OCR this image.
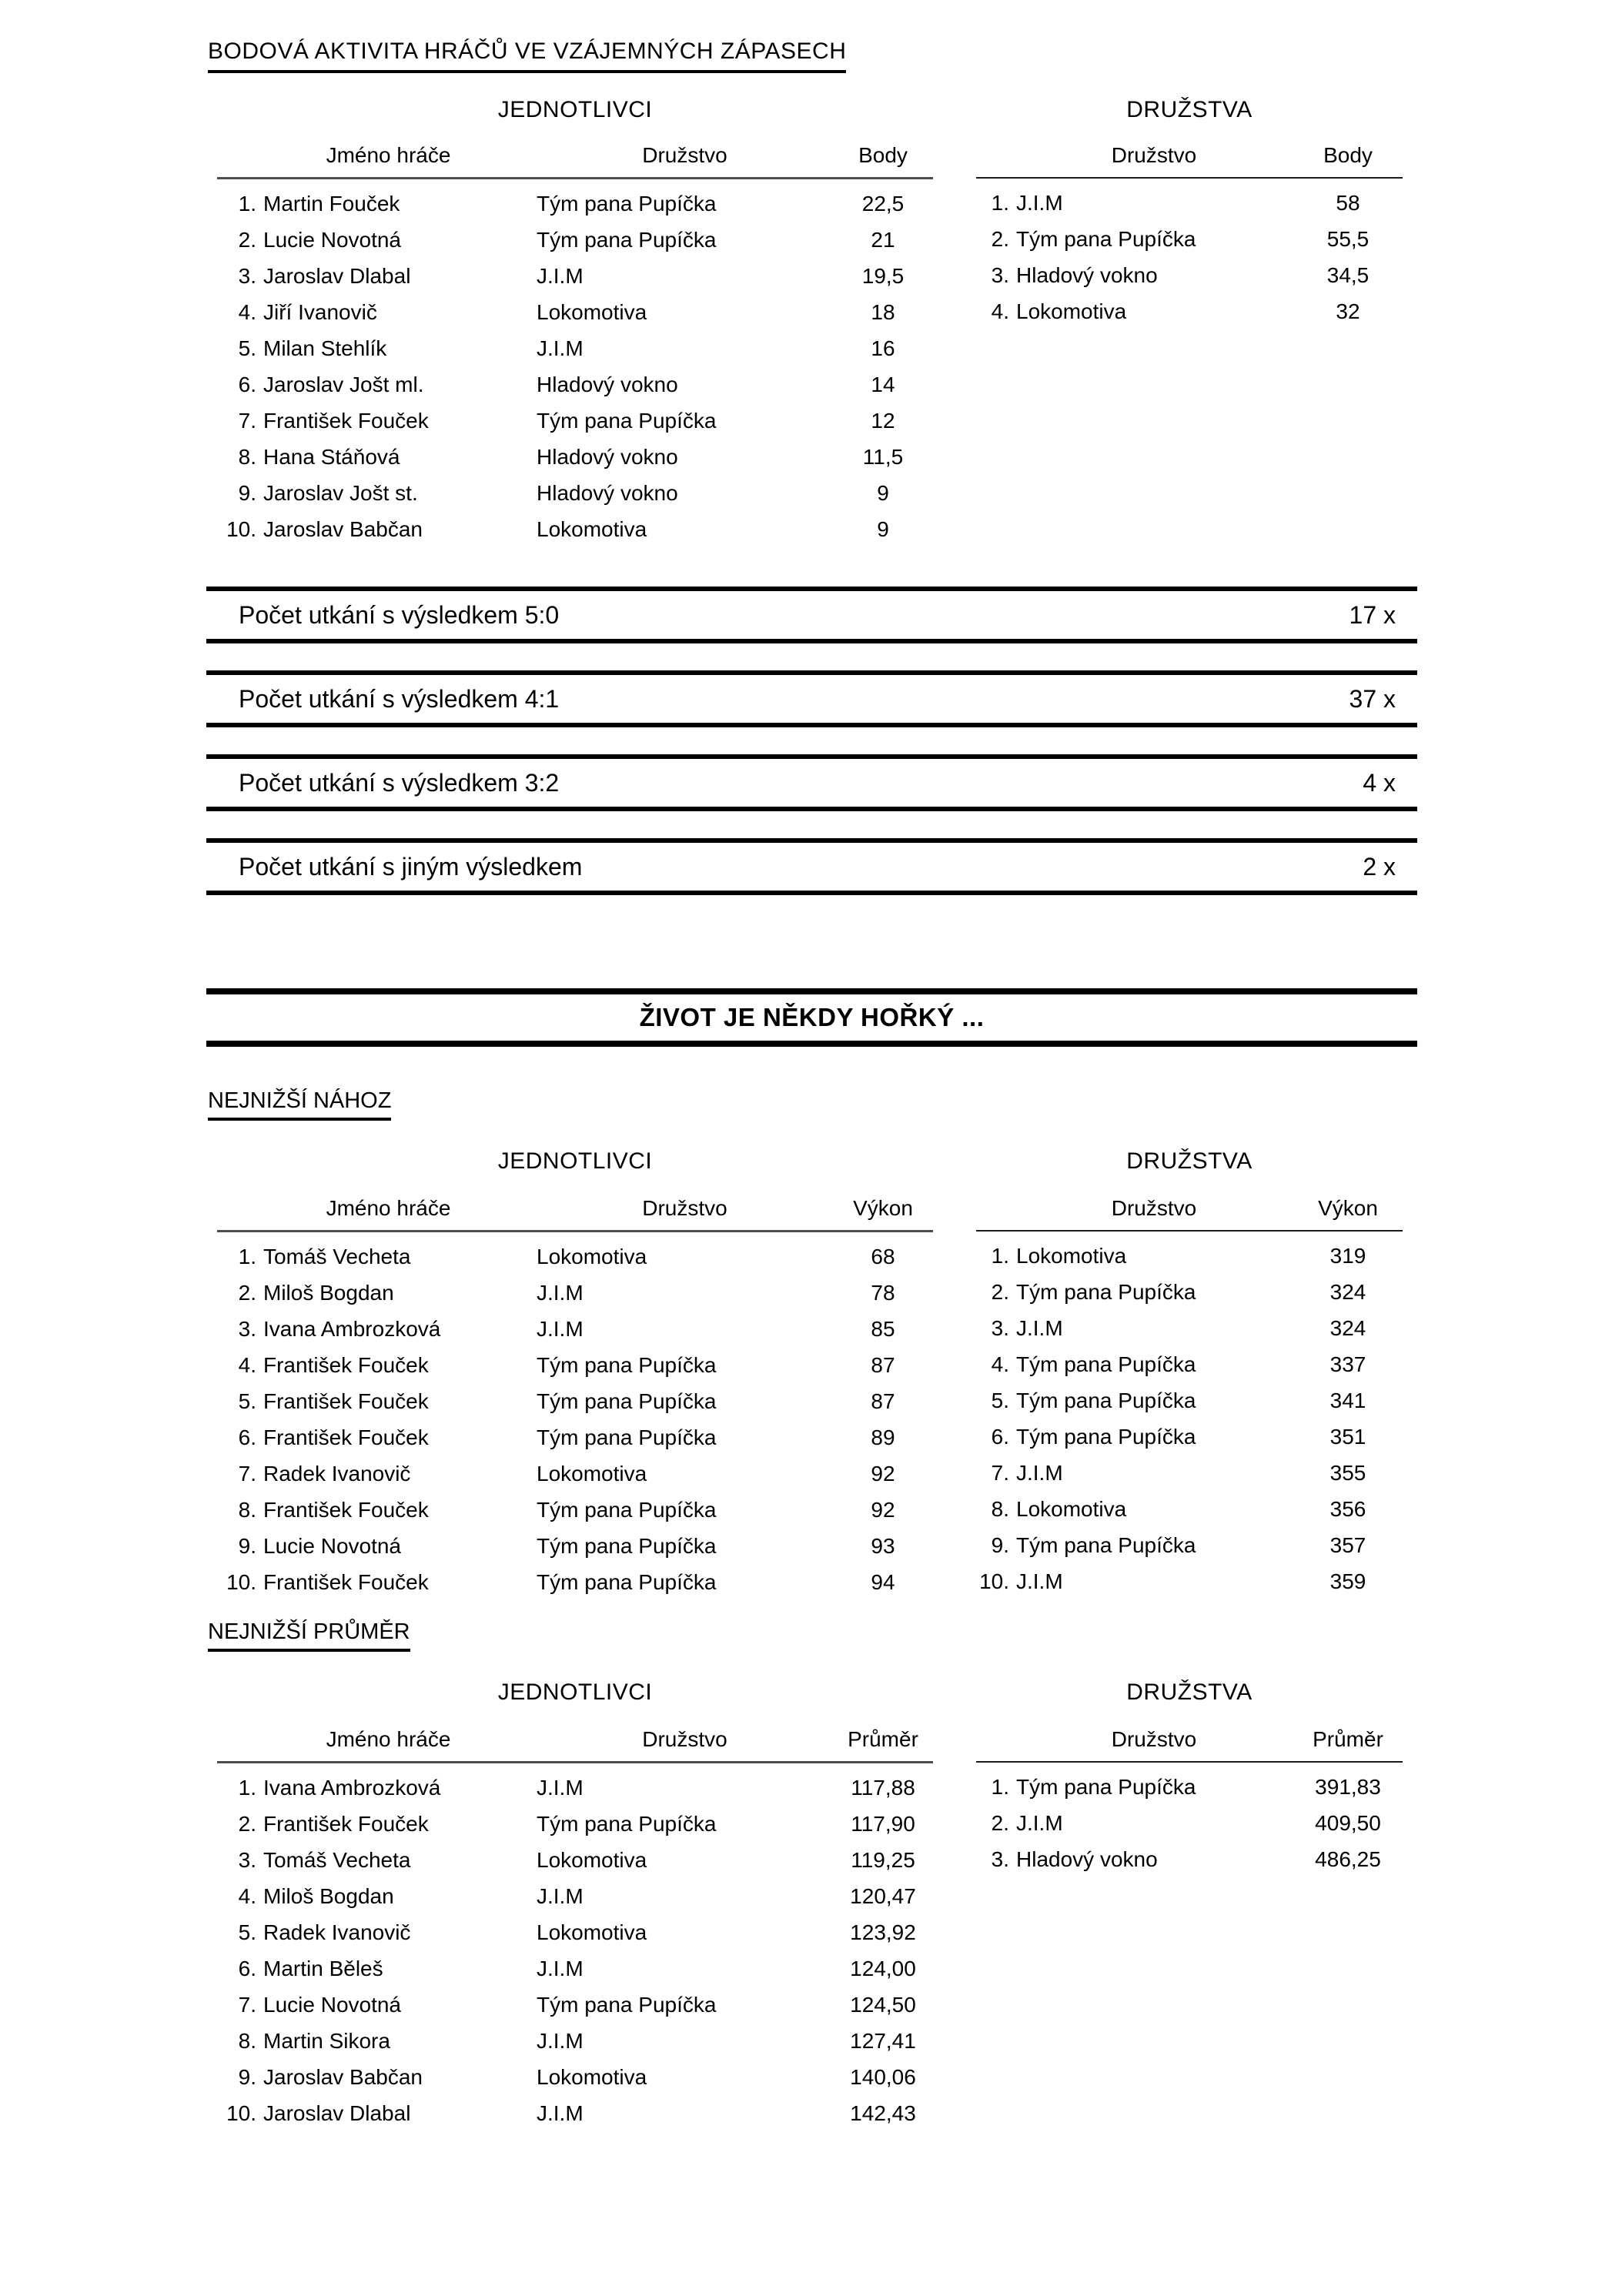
BODOVÁ AKTIVITA HRÁČŮ VE VZÁJEMNÝCH ZÁPASECH
JEDNOTLIVCI	DRUŽSTVA
Jméno hráče	Družstvo	Body
1. Martin Fouček	Tým pana Pupíčka	22,5
2. Lucie Novotná	Tým pana Pupíčka	21
3. Jaroslav Dlabal	J.I.M	19,5
4. Jiří Ivanovič	Lokomotiva	18
5. Milan Stehlík	J.I.M	16
6. Jaroslav Jošt ml.	Hladový vokno	14
7. František Fouček	Tým pana Pupíčka	12
8. Hana Stáňová	Hladový vokno	11,5
9. Jaroslav Jošt st.	Hladový vokno	9
10. Jaroslav Babčan	Lokomotiva	9
Družstvo	Body
1. J.I.M	58
2. Tým pana Pupíčka	55,5
3. Hladový vokno	34,5
4. Lokomotiva	32
Počet utkání s výsledkem 5:0	17 x
Počet utkání s výsledkem 4:1	37 x
Počet utkání s výsledkem 3:2	4 x
Počet utkání s jiným výsledkem	2 x
ŽIVOT JE NĚKDY HOŘKÝ ...
NEJNIŽŠÍ NÁHOZ
JEDNOTLIVCI	DRUŽSTVA
Jméno hráče	Družstvo	Výkon
1. Tomáš Vecheta	Lokomotiva	68
2. Miloš Bogdan	J.I.M	78
3. Ivana Ambrozková	J.I.M	85
4. František Fouček	Tým pana Pupíčka	87
5. František Fouček	Tým pana Pupíčka	87
6. František Fouček	Tým pana Pupíčka	89
7. Radek Ivanovič	Lokomotiva	92
8. František Fouček	Tým pana Pupíčka	92
9. Lucie Novotná	Tým pana Pupíčka	93
10. František Fouček	Tým pana Pupíčka	94
Družstvo	Výkon
1. Lokomotiva	319
2. Tým pana Pupíčka	324
3. J.I.M	324
4. Tým pana Pupíčka	337
5. Tým pana Pupíčka	341
6. Tým pana Pupíčka	351
7. J.I.M	355
8. Lokomotiva	356
9. Tým pana Pupíčka	357
10. J.I.M	359
NEJNIŽŠÍ PRŮMĚR
JEDNOTLIVCI	DRUŽSTVA
Jméno hráče	Družstvo	Průměr
1. Ivana Ambrozková	J.I.M	117,88
2. František Fouček	Tým pana Pupíčka	117,90
3. Tomáš Vecheta	Lokomotiva	119,25
4. Miloš Bogdan	J.I.M	120,47
5. Radek Ivanovič	Lokomotiva	123,92
6. Martin Běleš	J.I.M	124,00
7. Lucie Novotná	Tým pana Pupíčka	124,50
8. Martin Sikora	J.I.M	127,41
9. Jaroslav Babčan	Lokomotiva	140,06
10. Jaroslav Dlabal	J.I.M	142,43
Družstvo	Průměr
1. Tým pana Pupíčka	391,83
2. J.I.M	409,50
3. Hladový vokno	486,25
